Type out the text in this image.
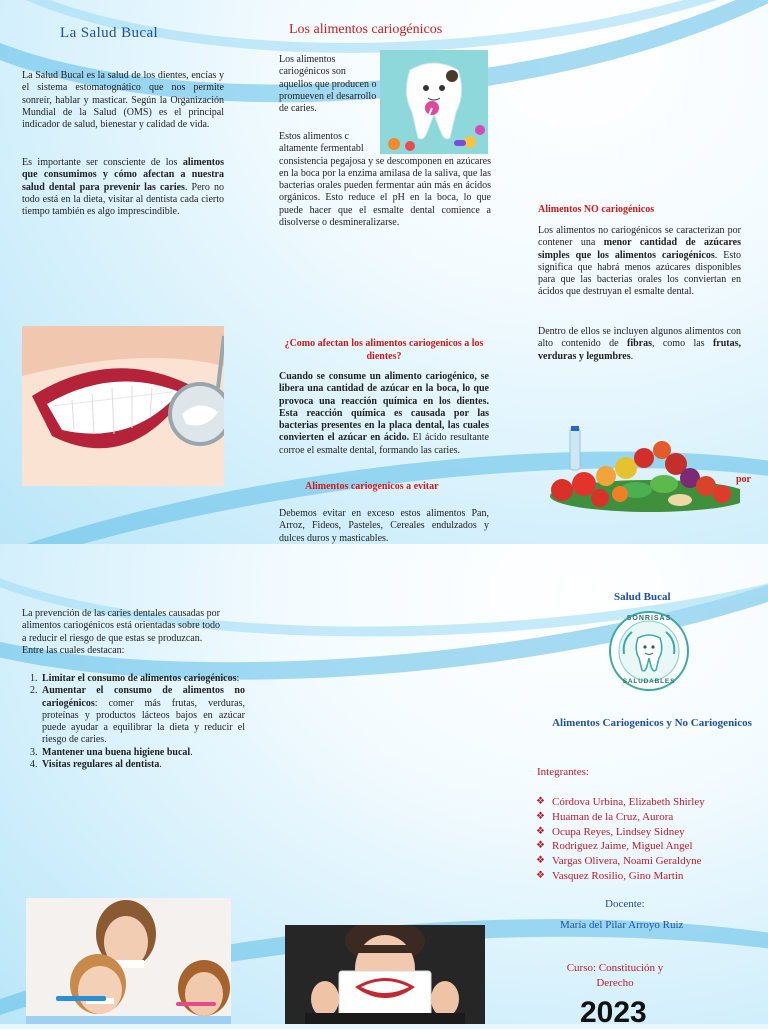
La Salud Bucal
La Salud Bucal es la salud de los dientes, encías y el sistema estomatognático que nos permite sonreír, hablar y masticar. Según la Organización Mundial de la Salud (OMS) es el principal indicador de salud, bienestar y calidad de vida.
Es importante ser consciente de los alimentos que consumimos y cómo afectan a nuestra salud dental para prevenir las caries. Pero no todo está en la dieta, visitar al dentista cada cierto tiempo también es algo imprescindible.
Los alimentos cariogénicos
Los alimentos cariogénicos son aquellos que producen o promueven el desarrollo de caries.
Estos alimentos c
altamente fermentabl
consistencia pegajosa y se descomponen en azúcares en la boca por la enzima amilasa de la saliva, que las bacterias orales pueden fermentar aún más en ácidos orgánicos. Esto reduce el pH en la boca, lo que puede hacer que el esmalte dental comience a disolverse o desmineralizarse.
¿Como afectan los alimentos cariogenicos a los dientes?
Cuando se consume un alimento cariogénico, se libera una cantidad de azúcar en la boca, lo que provoca una reacción química en los dientes. Esta reacción química es causada por las bacterias presentes en la placa dental, las cuales convierten el azúcar en ácido. El ácido resultante corroe el esmalte dental, formando las caries.
Alimentos cariogenicos a evitar
Debemos evitar en exceso estos alimentos Pan, Arroz, Fideos, Pasteles, Cereales endulzados y dulces duros y masticables.
Alimentos NO cariogénicos
Los alimentos no cariogénicos se caracterizan por contener una menor cantidad de azúcares simples que los alimentos cariogénicos. Esto significa que habrá menos azúcares disponibles para que las bacterias orales los conviertan en ácidos que destruyan el esmalte dental.
Dentro de ellos se incluyen algunos alimentos con alto contenido de fibras, como las frutas, verduras y legumbres.
por
La prevención de las caries dentales causadas por alimentos cariogénicos está orientadas sobre todo a reducir el riesgo de que estas se produzcan. Entre las cuales destacan:
1. Limitar el consumo de alimentos cariogénicos:
2. Aumentar el consumo de alimentos no cariogénicos: comer más frutas, verduras, proteínas y productos lácteos bajos en azúcar puede ayudar a equilibrar la dieta y reducir el riesgo de caries.
3. Mantener una buena higiene bucal.
4. Visitas regulares al dentista.
Salud Bucal
SONRISAS
SALUDABLES
Alimentos Cariogenicos y No Cariogenicos
Integrantes:
❖ Córdova Urbina, Elizabeth Shirley
❖ Huaman de la Cruz, Aurora
❖ Ocupa Reyes, Lindsey Sidney
❖ Rodriguez Jaime, Miguel Angel
❖ Vargas Olivera, Noami Geraldyne
❖ Vasquez Rosilio, Gino Martin
Docente:
María del Pilar Arroyo Ruiz
Curso: Constitución y Derecho
2023
